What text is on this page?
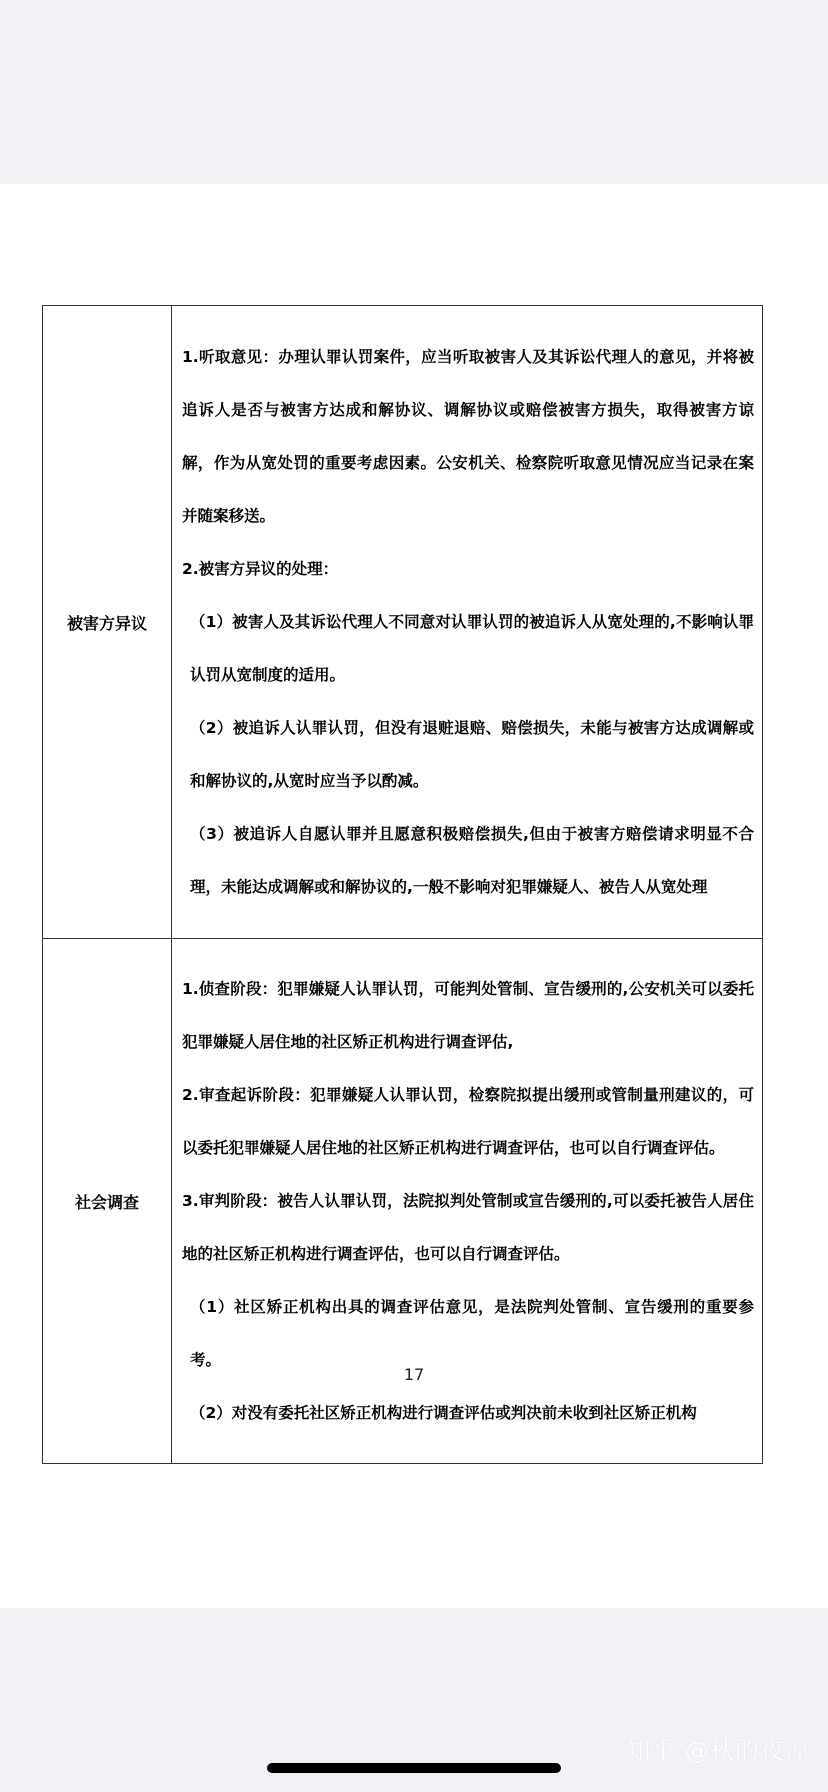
被害方异议	1.听取意见：办理认罪认罚案件，应当听取被害人及其诉讼代理人的意见，并将被追诉人是否与被害方达成和解协议、调解协议或赔偿被害方损失，取得被害方谅解，作为从宽处罚的重要考虑因素。公安机关、检察院听取意见情况应当记录在案并随案移送。

2.被害方异议的处理：

（1）被害人及其诉讼代理人不同意对认罪认罚的被追诉人从宽处理的,不影响认罪认罚从宽制度的适用。

（2）被追诉人认罪认罚，但没有退赃退赔、赔偿损失，未能与被害方达成调解或和解协议的,从宽时应当予以酌减。

（3）被追诉人自愿认罪并且愿意积极赔偿损失,但由于被害方赔偿请求明显不合理，未能达成调解或和解协议的,一般不影响对犯罪嫌疑人、被告人从宽处理

社会调查	1.侦查阶段：犯罪嫌疑人认罪认罚，可能判处管制、宣告缓刑的,公安机关可以委托犯罪嫌疑人居住地的社区矫正机构进行调查评估,

2.审查起诉阶段：犯罪嫌疑人认罪认罚，检察院拟提出缓刑或管制量刑建议的，可以委托犯罪嫌疑人居住地的社区矫正机构进行调查评估，也可以自行调查评估。

3.审判阶段：被告人认罪认罚，法院拟判处管制或宣告缓刑的,可以委托被告人居住地的社区矫正机构进行调查评估，也可以自行调查评估。

（1）社区矫正机构出具的调查评估意见，是法院判处管制、宣告缓刑的重要参考。

（2）对没有委托社区矫正机构进行调查评估或判决前未收到社区矫正机构

17
知乎 @秋的夜凉
